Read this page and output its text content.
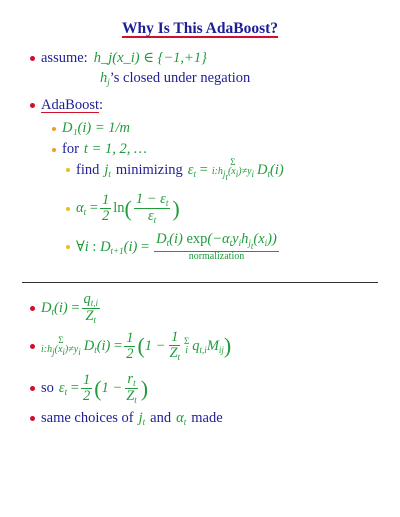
Why Is This AdaBoost?
assume: h_j(x_i) ∈ {−1,+1}
$h_j$ ’s closed under negation
AdaBoost :
D₁(i) = 1/m
for t = 1, 2, …
find $j_t$ minimizing $\varepsilon_t = \Sigma$
$i:h_{j_t}(x_i)\ne y_i$ $D_t(i)$
$\alpha_t = \frac{1}{2}$ ln ( $\frac{1 - \varepsilon_t}{\varepsilon_t}$ )
∀i : $D_{t+1}(i) = \frac{D_t(i) \exp(-\alpha_ty_ih_{j_t}(x_i))}{\text{normalization}}$
$D_t(i) = \frac{q_{t,i}}{Z_t}$
Σ
$i:h_j(x_i)\ne y_i$ $D_t(i) = \frac{1}{2}$ ( $1 - \frac{1}{Z_t}$ Σ
i $q_{t,i}M_{ij}$ )
so $\varepsilon_t = \frac{1}{2}$ ( $1 - \frac{r_t}{Z_t}$ )
same choices of $j_t$ and $\alpha_t$ made
